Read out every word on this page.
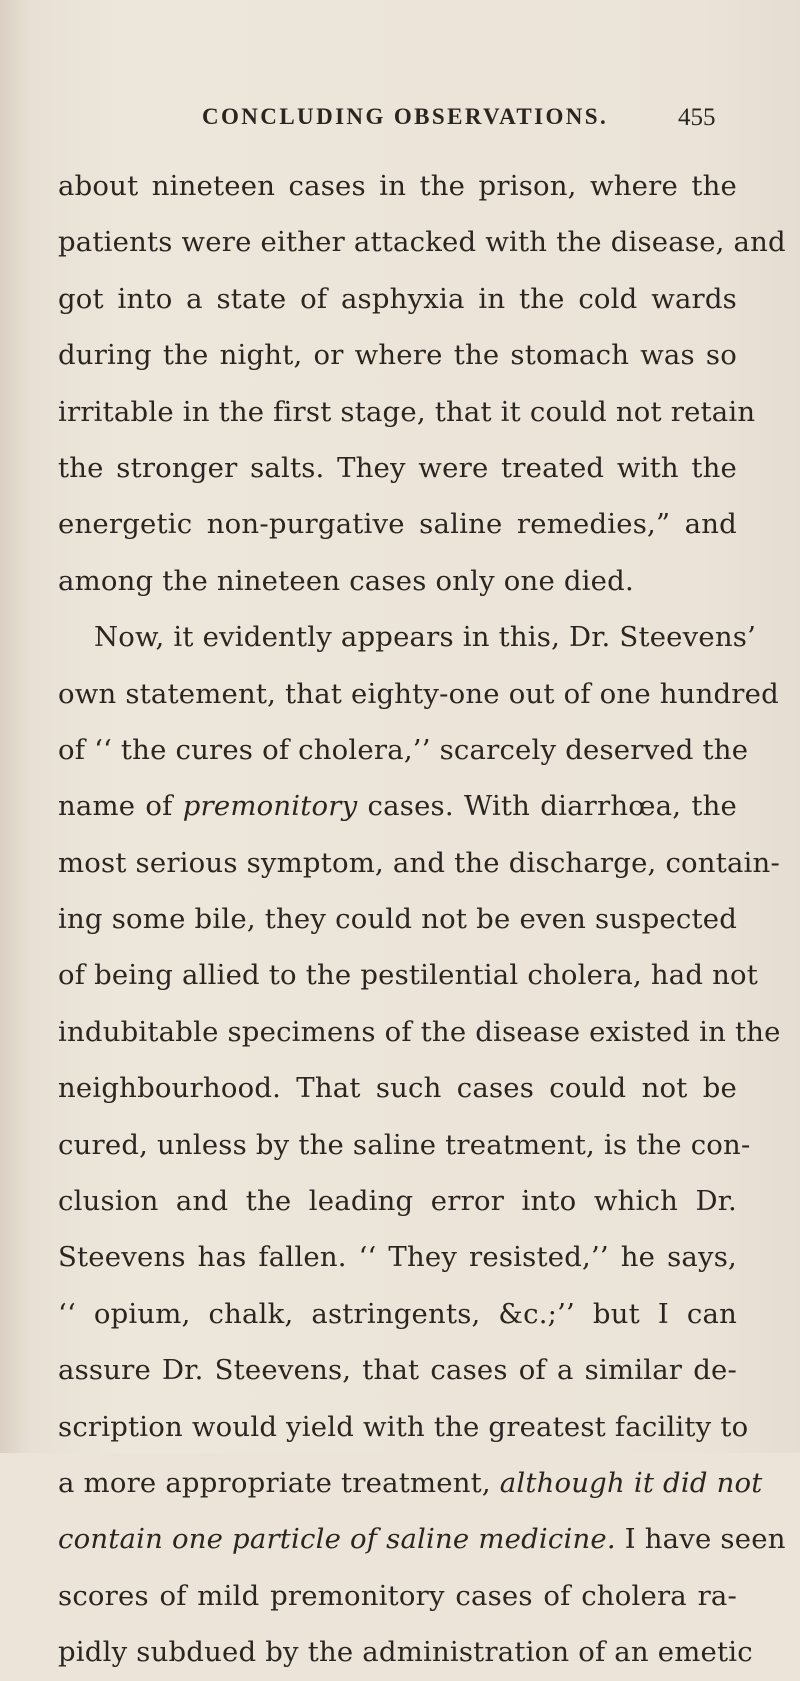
CONCLUDING OBSERVATIONS.	455
about nineteen cases in the prison, where the
patients were either attacked with the disease, and
got into a state of asphyxia in the cold wards
during the night, or where the stomach was so
irritable in the first stage, that it could not retain
the stronger salts. They were treated with the
energetic non-purgative saline remedies,” and
among the nineteen cases only one died.
Now, it evidently appears in this, Dr. Steevens’
own statement, that eighty-one out of one hundred
of ‘‘ the cures of cholera,’’ scarcely deserved the
name of premonitory cases. With diarrhœa, the
most serious symptom, and the discharge, contain-
ing some bile, they could not be even suspected
of being allied to the pestilential cholera, had not
indubitable specimens of the disease existed in the
neighbourhood. That such cases could not be
cured, unless by the saline treatment, is the con-
clusion and the leading error into which Dr.
Steevens has fallen. ‘‘ They resisted,’’ he says,
‘‘ opium, chalk, astringents, &c.;’’ but I can
assure Dr. Steevens, that cases of a similar de-
scription would yield with the greatest facility to
a more appropriate treatment, although it did not
contain one particle of saline medicine. I have seen
scores of mild premonitory cases of cholera ra-
pidly subdued by the administration of an emetic
